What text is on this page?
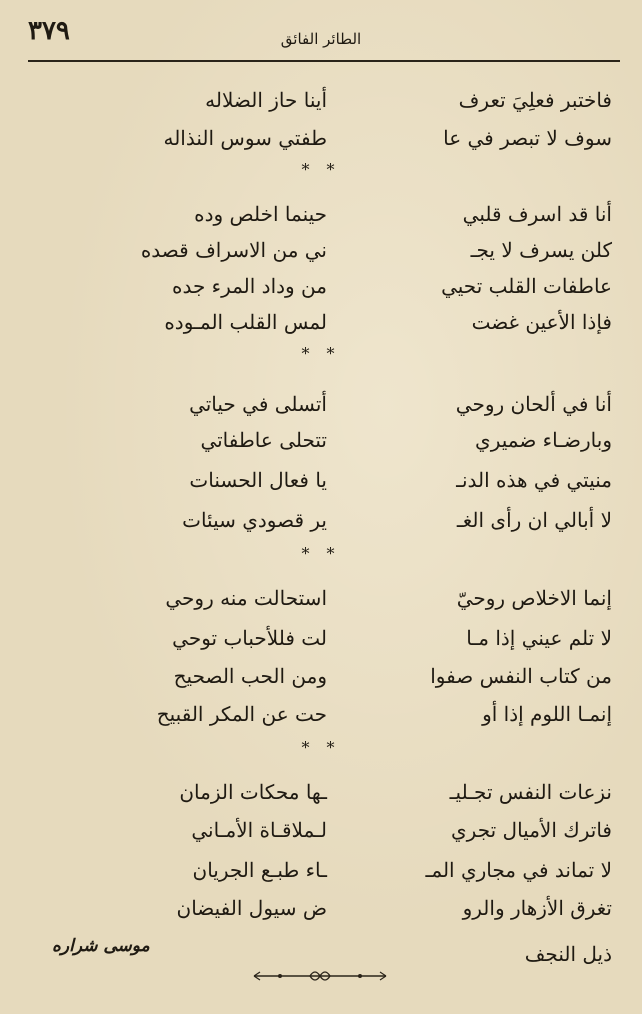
٣٧٩	الطائر الفائق
فاختبر فعلِيَ تعرف
أينا حاز الضلاله
سوف لا تبصر في عا
طفتي سوس النذاله
* *
أنا قد اسرف قلبي
حينما اخلص وده
كلن يسرف لا يجـ
ني من الاسراف قصده
عاطفات القلب تحيي
من وداد المرء جده
فإذا الأعين غضت
لمس القلب المـوده
* *
أنا في ألحان روحي
أتسلى في حياتي
وبارضـاء ضميري
تتحلى عاطفاتي
منيتي في هذه الدنـ
يا فعال الحسنات
لا أبالي ان رأى الغـ
ير قصودي سيئات
* *
إنما الاخلاص روحيّ
استحالت منه روحي
لا تلم عيني إذا مـا
لت فللأحباب توحي
من كتاب النفس صفوا
ومن الحب الصحيح
إنمـا اللوم إذا أو
حت عن المكر القبيح
* *
نزعات النفس تجـليـ
ـها محكات الزمان
فاترك الأميال تجري
لـملاقـاة الأمـاني
لا تماند في مجاري المـ
ـاء طبـع الجريان
تغرق الأزهار والرو
ض سيول الفيضان
ذيل النجف
موسى شراره
